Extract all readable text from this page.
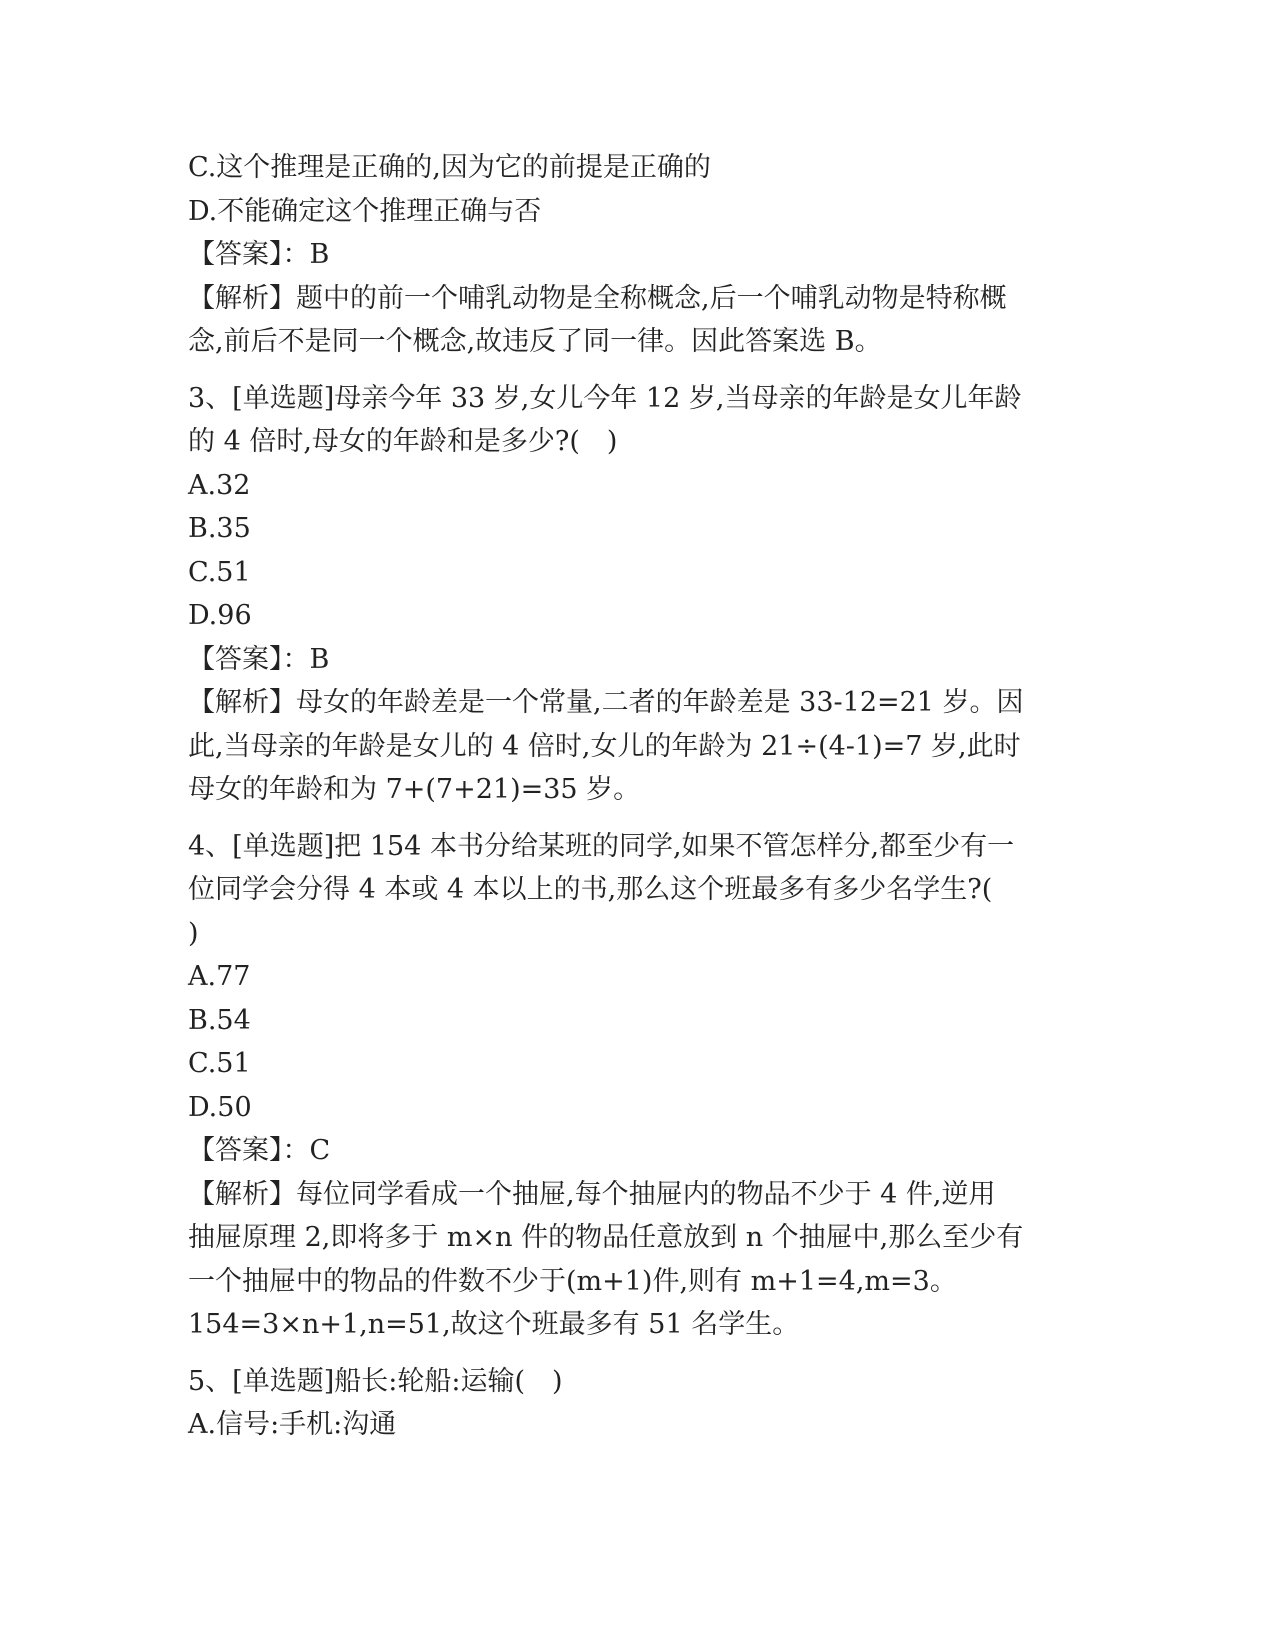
C.这个推理是正确的,因为它的前提是正确的

D.不能确定这个推理正确与否

【答案】：B

【解析】题中的前一个哺乳动物是全称概念,后一个哺乳动物是特称概

念,前后不是同一个概念,故违反了同一律。因此答案选 B。

3、[单选题]母亲今年 33 岁,女儿今年 12 岁,当母亲的年龄是女儿年龄

的 4 倍时,母女的年龄和是多少?(　)

A.32

B.35

C.51

D.96

【答案】：B

【解析】母女的年龄差是一个常量,二者的年龄差是 33-12=21 岁。因

此,当母亲的年龄是女儿的 4 倍时,女儿的年龄为 21÷(4-1)=7 岁,此时

母女的年龄和为 7+(7+21)=35 岁。

4、[单选题]把 154 本书分给某班的同学,如果不管怎样分,都至少有一

位同学会分得 4 本或 4 本以上的书,那么这个班最多有多少名学生?(

)

A.77

B.54

C.51

D.50

【答案】：C

【解析】每位同学看成一个抽屉,每个抽屉内的物品不少于 4 件,逆用

抽屉原理 2,即将多于 m×n 件的物品任意放到 n 个抽屉中,那么至少有

一个抽屉中的物品的件数不少于(m+1)件,则有 m+1=4,m=3。

154=3×n+1,n=51,故这个班最多有 51 名学生。

5、[单选题]船长:轮船:运输(　)

A.信号:手机:沟通
